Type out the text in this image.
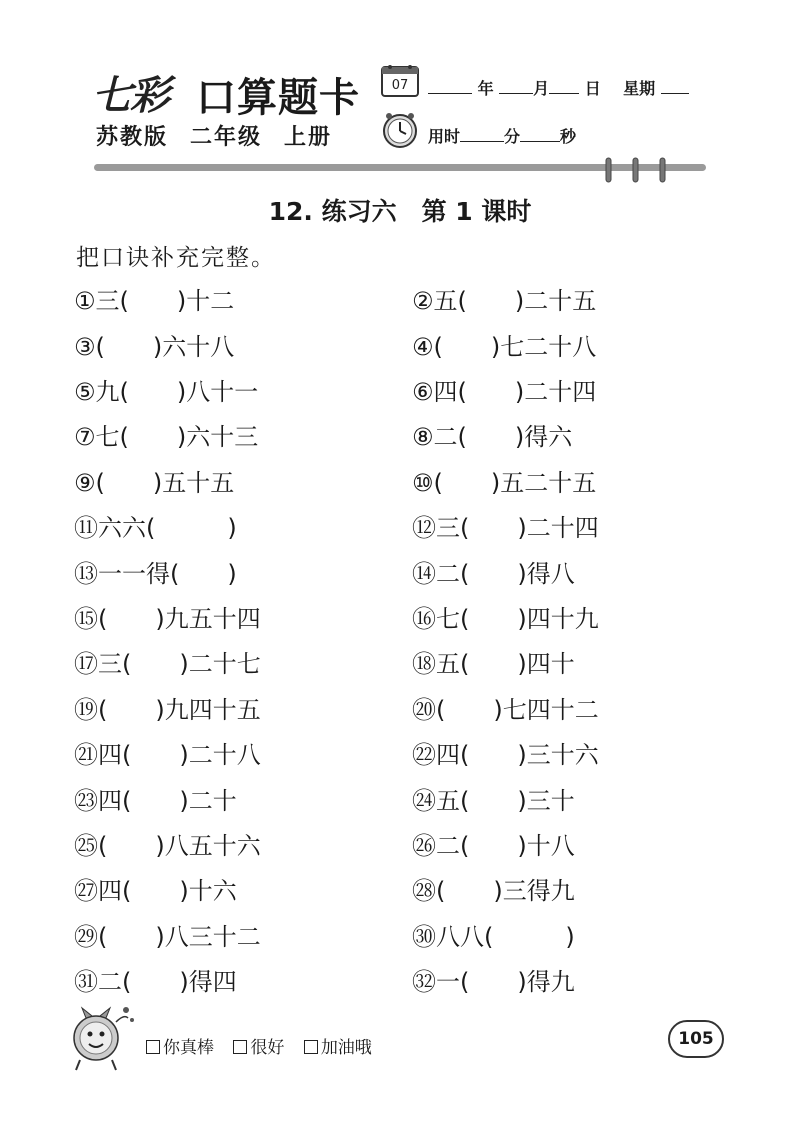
七彩 口算题卡
苏教版 二年级 上册
07	年 月 日 星期
用时	分	秒
12. 练习六　第 1 课时
把口诀补充完整。
①三(　　)十二	②五(　　)二十五
③(　　)六十八	④(　　)七二十八
⑤九(　　)八十一	⑥四(　　)二十四
⑦七(　　)六十三	⑧二(　　)得六
⑨(　　)五十五	⑩(　　)五二十五
⑪六六(　　　)	⑫三(　　)二十四
⑬一一得(　　)	⑭二(　　)得八
⑮(　　)九五十四	⑯七(　　)四十九
⑰三(　　)二十七	⑱五(　　)四十
⑲(　　)九四十五	⑳(　　)七四十二
㉑四(　　)二十八	㉒四(　　)三十六
㉓四(　　)二十	㉔五(　　)三十
㉕(　　)八五十六	㉖二(　　)十八
㉗四(　　)十六	㉘(　　)三得九
㉙(　　)八三十二	㉚八八(　　　)
㉛二(　　)得四	㉜一(　　)得九
你真棒 很好 加油哦	105
